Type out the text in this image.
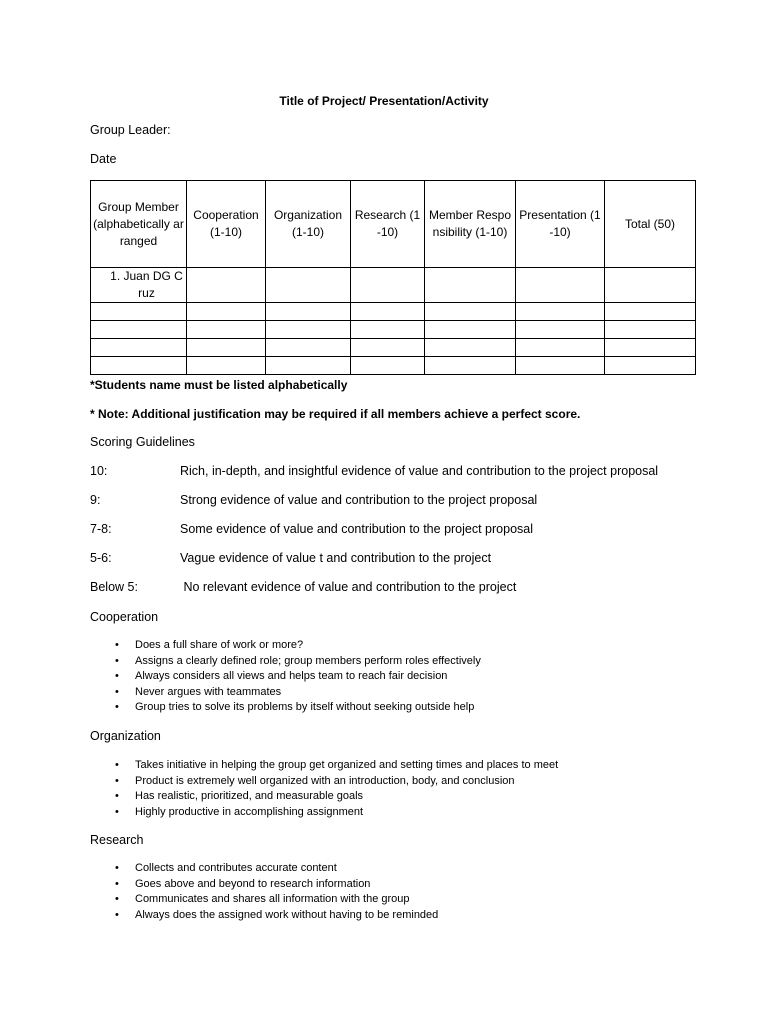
Title of Project/ Presentation/Activity
Group Leader:
Date
Group Member (alphabetically arranged	Cooperation (1-10)	Organization (1-10)	Research (1-10)	Member Responsibility (1-10)	Presentation (1-10)	Total (50)
1. Juan DG Cruz						

*Students name must be listed alphabetically
* Note: Additional justification may be required if all members achieve a perfect score.
Scoring Guidelines
10:	Rich, in-depth, and insightful evidence of value and contribution to the project proposal
9:	Strong evidence of value and contribution to the project proposal
7-8:	Some evidence of value and contribution to the project proposal
5-6:	Vague evidence of value t and contribution to the project
Below 5:	No relevant evidence of value and contribution to the project
Cooperation
• Does a full share of work or more?
• Assigns a clearly defined role; group members perform roles effectively
• Always considers all views and helps team to reach fair decision
• Never argues with teammates
• Group tries to solve its problems by itself without seeking outside help
Organization
• Takes initiative in helping the group get organized and setting times and places to meet
• Product is extremely well organized with an introduction, body, and conclusion
• Has realistic, prioritized, and measurable goals
• Highly productive in accomplishing assignment
Research
• Collects and contributes accurate content
• Goes above and beyond to research information
• Communicates and shares all information with the group
• Always does the assigned work without having to be reminded
